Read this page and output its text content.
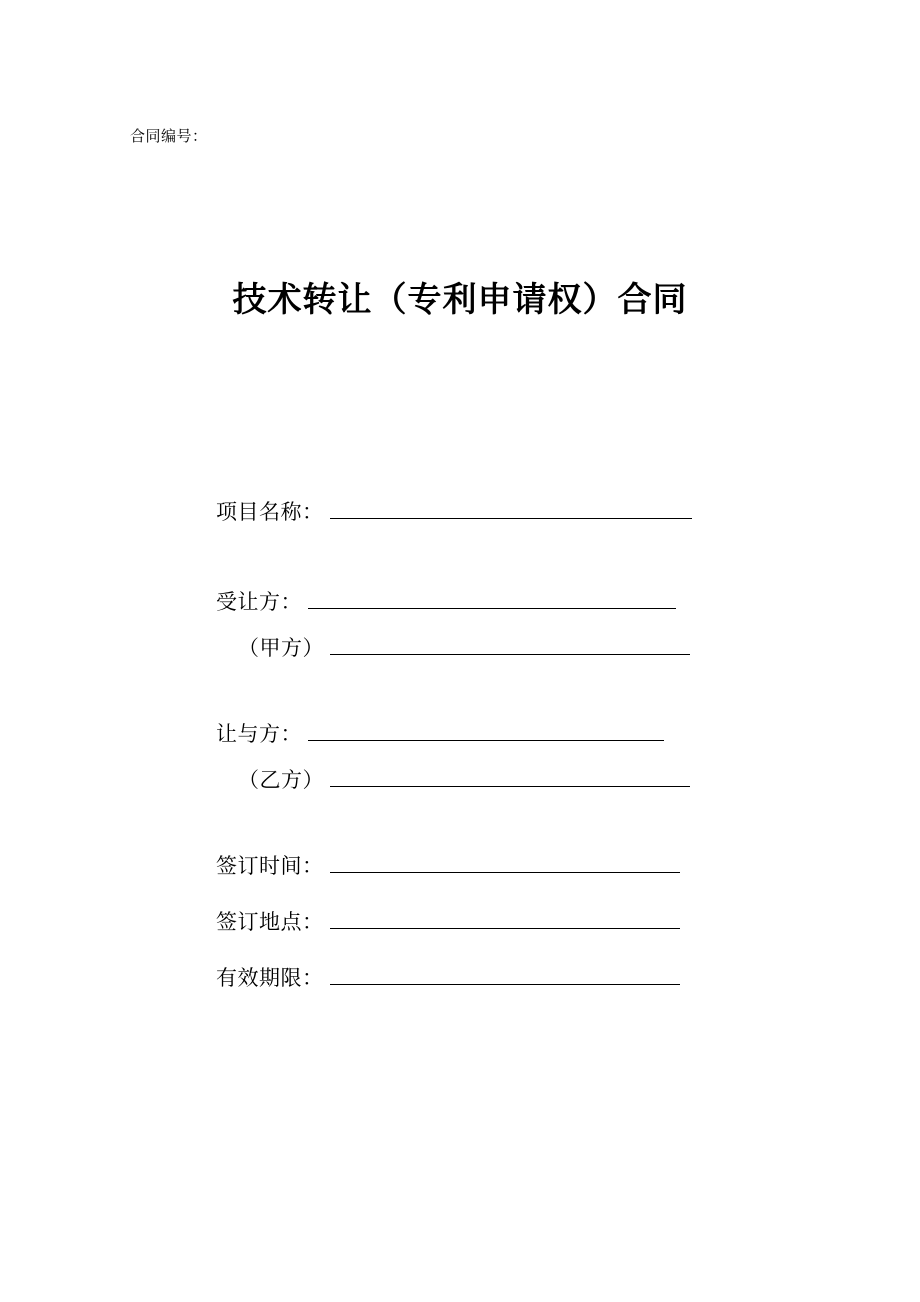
合同编号：
技术转让（专利申请权）合同
项目名称：
受让方：
（甲方）
让与方：
（乙方）
签订时间：
签订地点：
有效期限：
